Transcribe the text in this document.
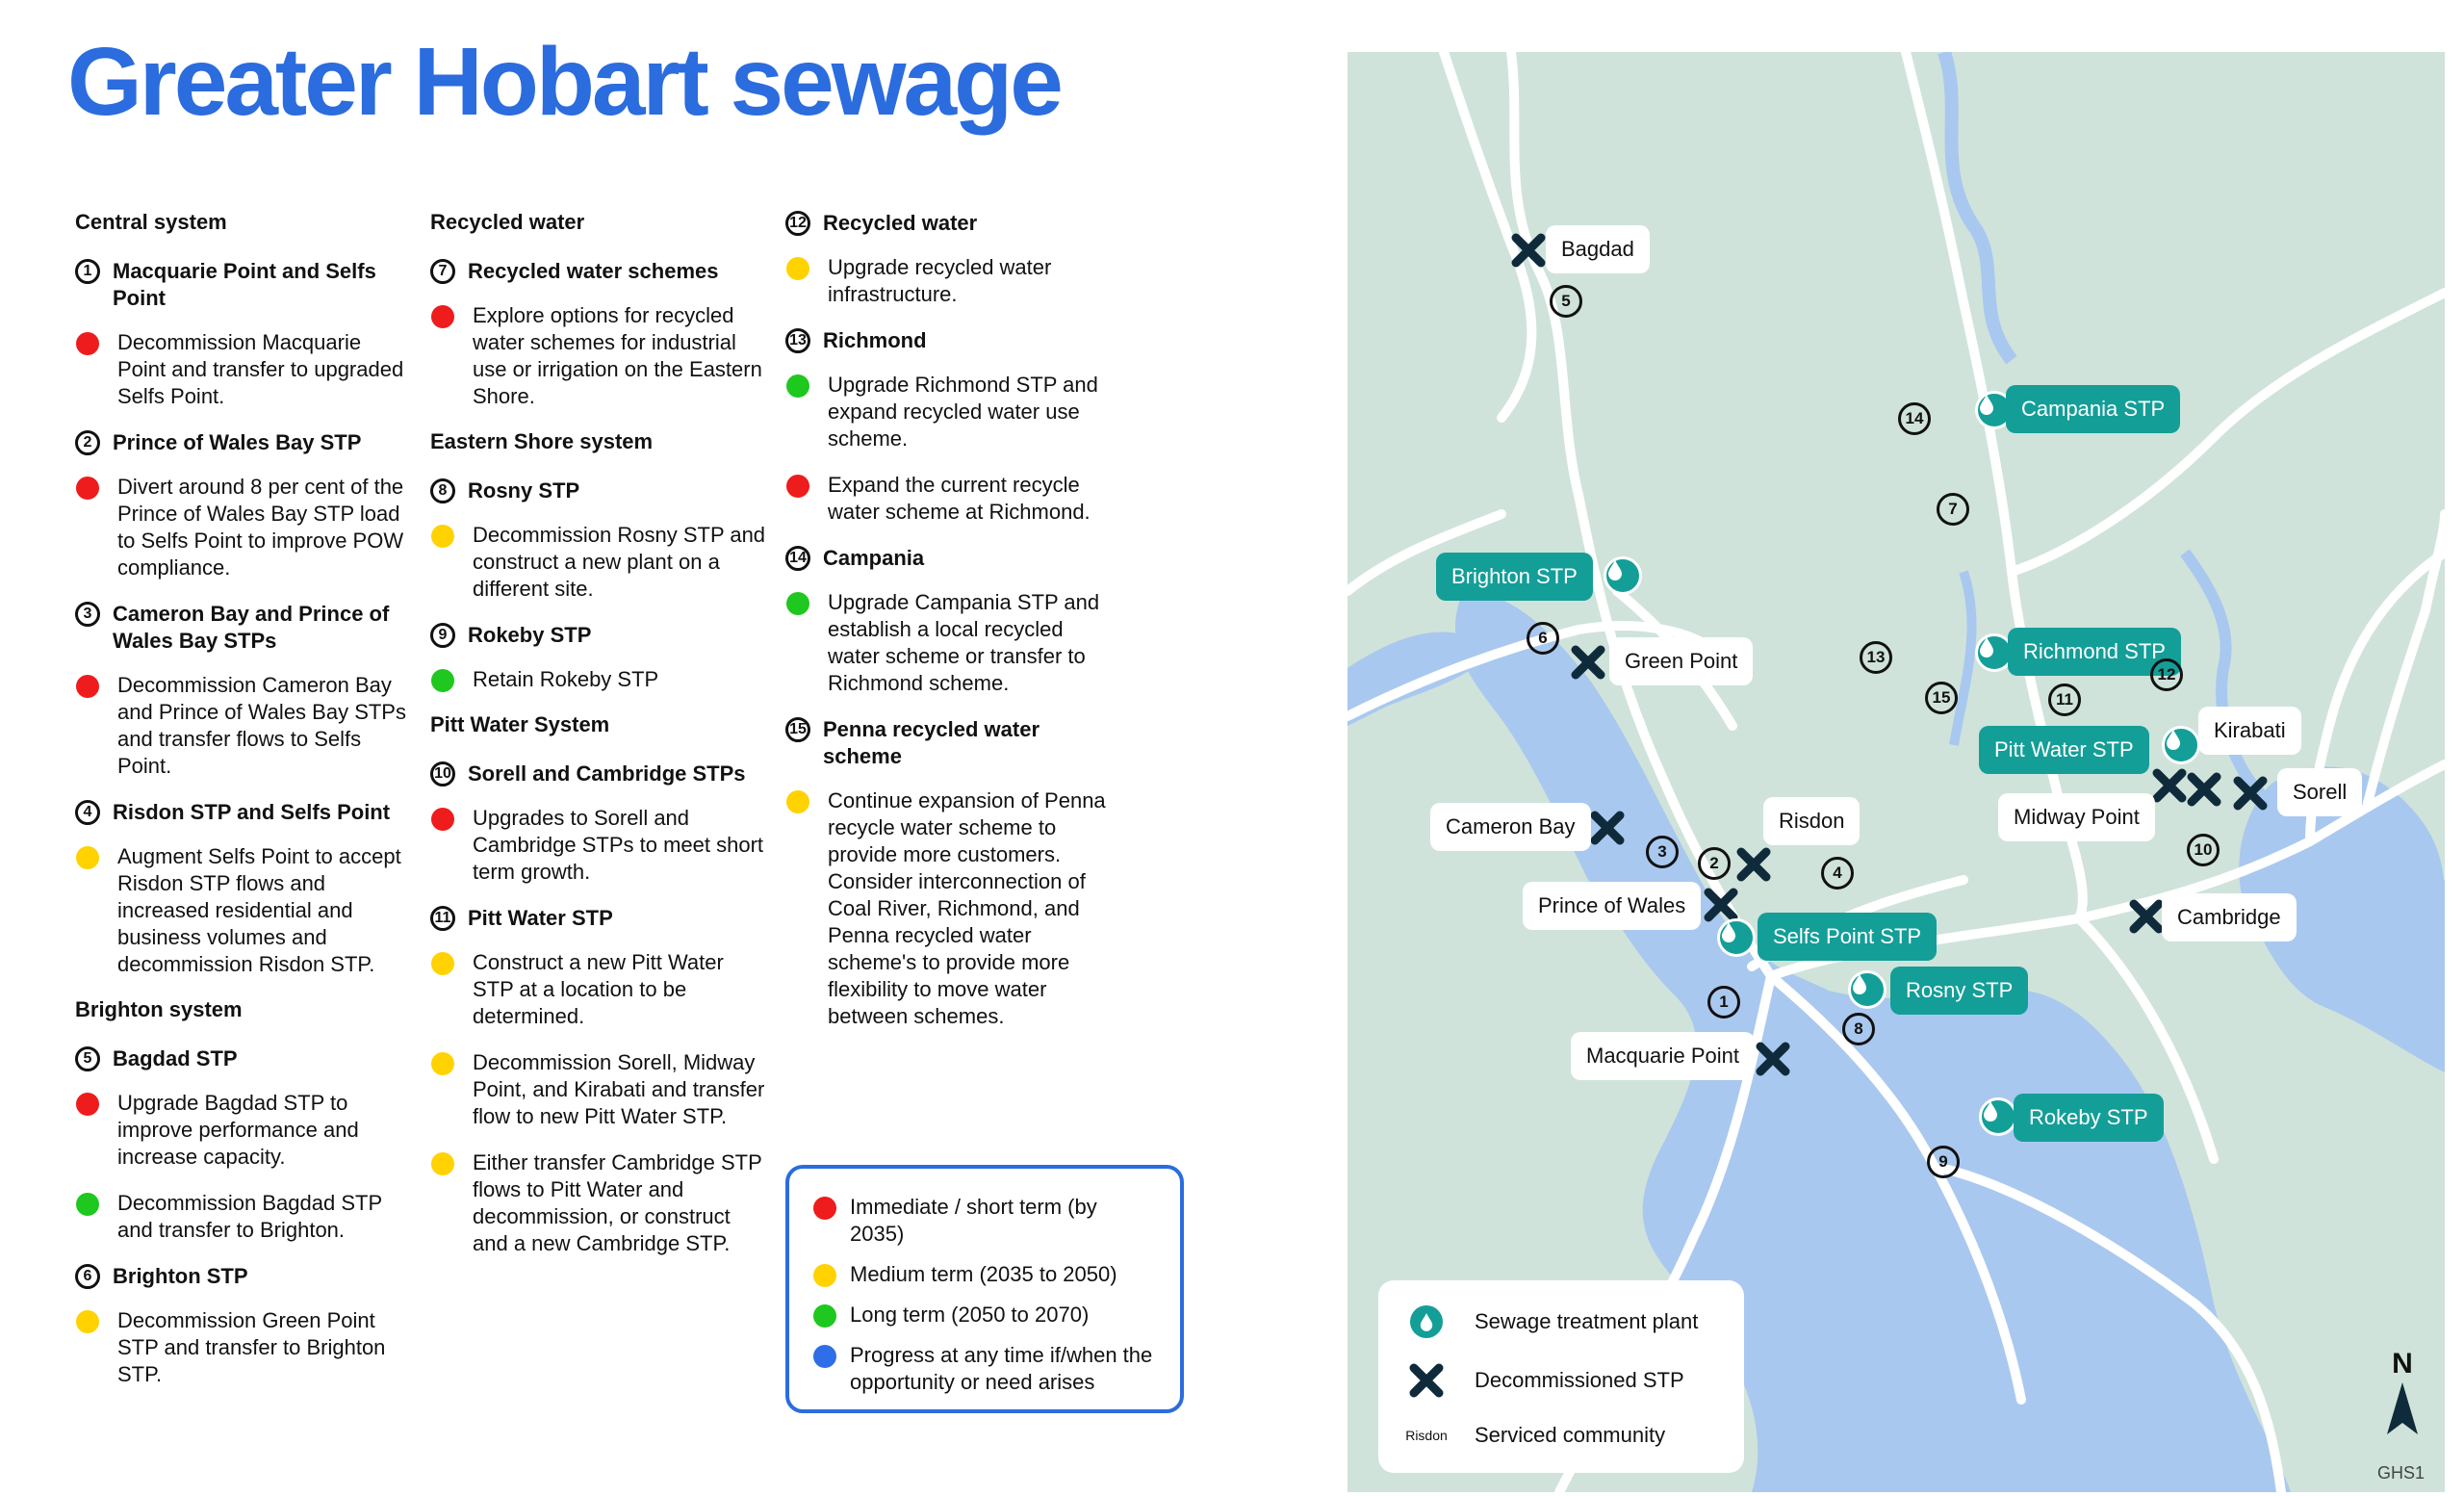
Greater Hobart sewage
Central system
1 Macquarie Point and Selfs Point
Decommission Macquarie Point and transfer to upgraded Selfs Point.
2 Prince of Wales Bay STP
Divert around 8 per cent of the Prince of Wales Bay STP load to Selfs Point to improve POW compliance.
3 Cameron Bay and Prince of Wales Bay STPs
Decommission Cameron Bay and Prince of Wales Bay STPs and transfer flows to Selfs Point.
4 Risdon STP and Selfs Point
Augment Selfs Point to accept Risdon STP flows and increased residential and business volumes and decommission Risdon STP.
Brighton system
5 Bagdad STP
Upgrade Bagdad STP to improve performance and increase capacity.
Decommission Bagdad STP and transfer to Brighton.
6 Brighton STP
Decommission Green Point STP and transfer to Brighton STP.
Recycled water
7 Recycled water schemes
Explore options for recycled water schemes for industrial use or irrigation on the Eastern Shore.
Eastern Shore system
8 Rosny STP
Decommission Rosny STP and construct a new plant on a different site.
9 Rokeby STP
Retain Rokeby STP
Pitt Water System
10 Sorell and Cambridge STPs
Upgrades to Sorell and Cambridge STPs to meet short term growth.
11 Pitt Water STP
Construct a new Pitt Water STP at a location to be determined.
Decommission Sorell, Midway Point, and Kirabati and transfer flow to new Pitt Water STP.
Either transfer Cambridge STP flows to Pitt Water and decommission, or construct and a new Cambridge STP.
12 Recycled water
Upgrade recycled water infrastructure.
13 Richmond
Upgrade Richmond STP and expand recycled water use scheme.
Expand the current recycle water scheme at Richmond.
14 Campania
Upgrade Campania STP and establish a local recycled water scheme or transfer to Richmond scheme.
15 Penna recycled water scheme
Continue expansion of Penna recycle water scheme to provide more customers. Consider interconnection of Coal River, Richmond, and Penna recycled water scheme's to provide more flexibility to move water between schemes.
Immediate / short term (by 2035)
Medium term (2035 to 2050)
Long term (2050 to 2070)
Progress at any time if/when the opportunity or need arises
Campania STP
Brighton STP
Richmond STP
Pitt Water STP
Selfs Point STP
Rosny STP
Rokeby STP
Bagdad
Green Point
Cameron Bay	Risdon
Prince of Wales
Macquarie Point
Kirabati
Sorell
Midway Point
Cambridge
1
2
3
4
5
6
7
8
9
10
11
12
13
14
15
Sewage treatment plant
Decommissioned STP
Risdon Serviced community
N
GHS1
